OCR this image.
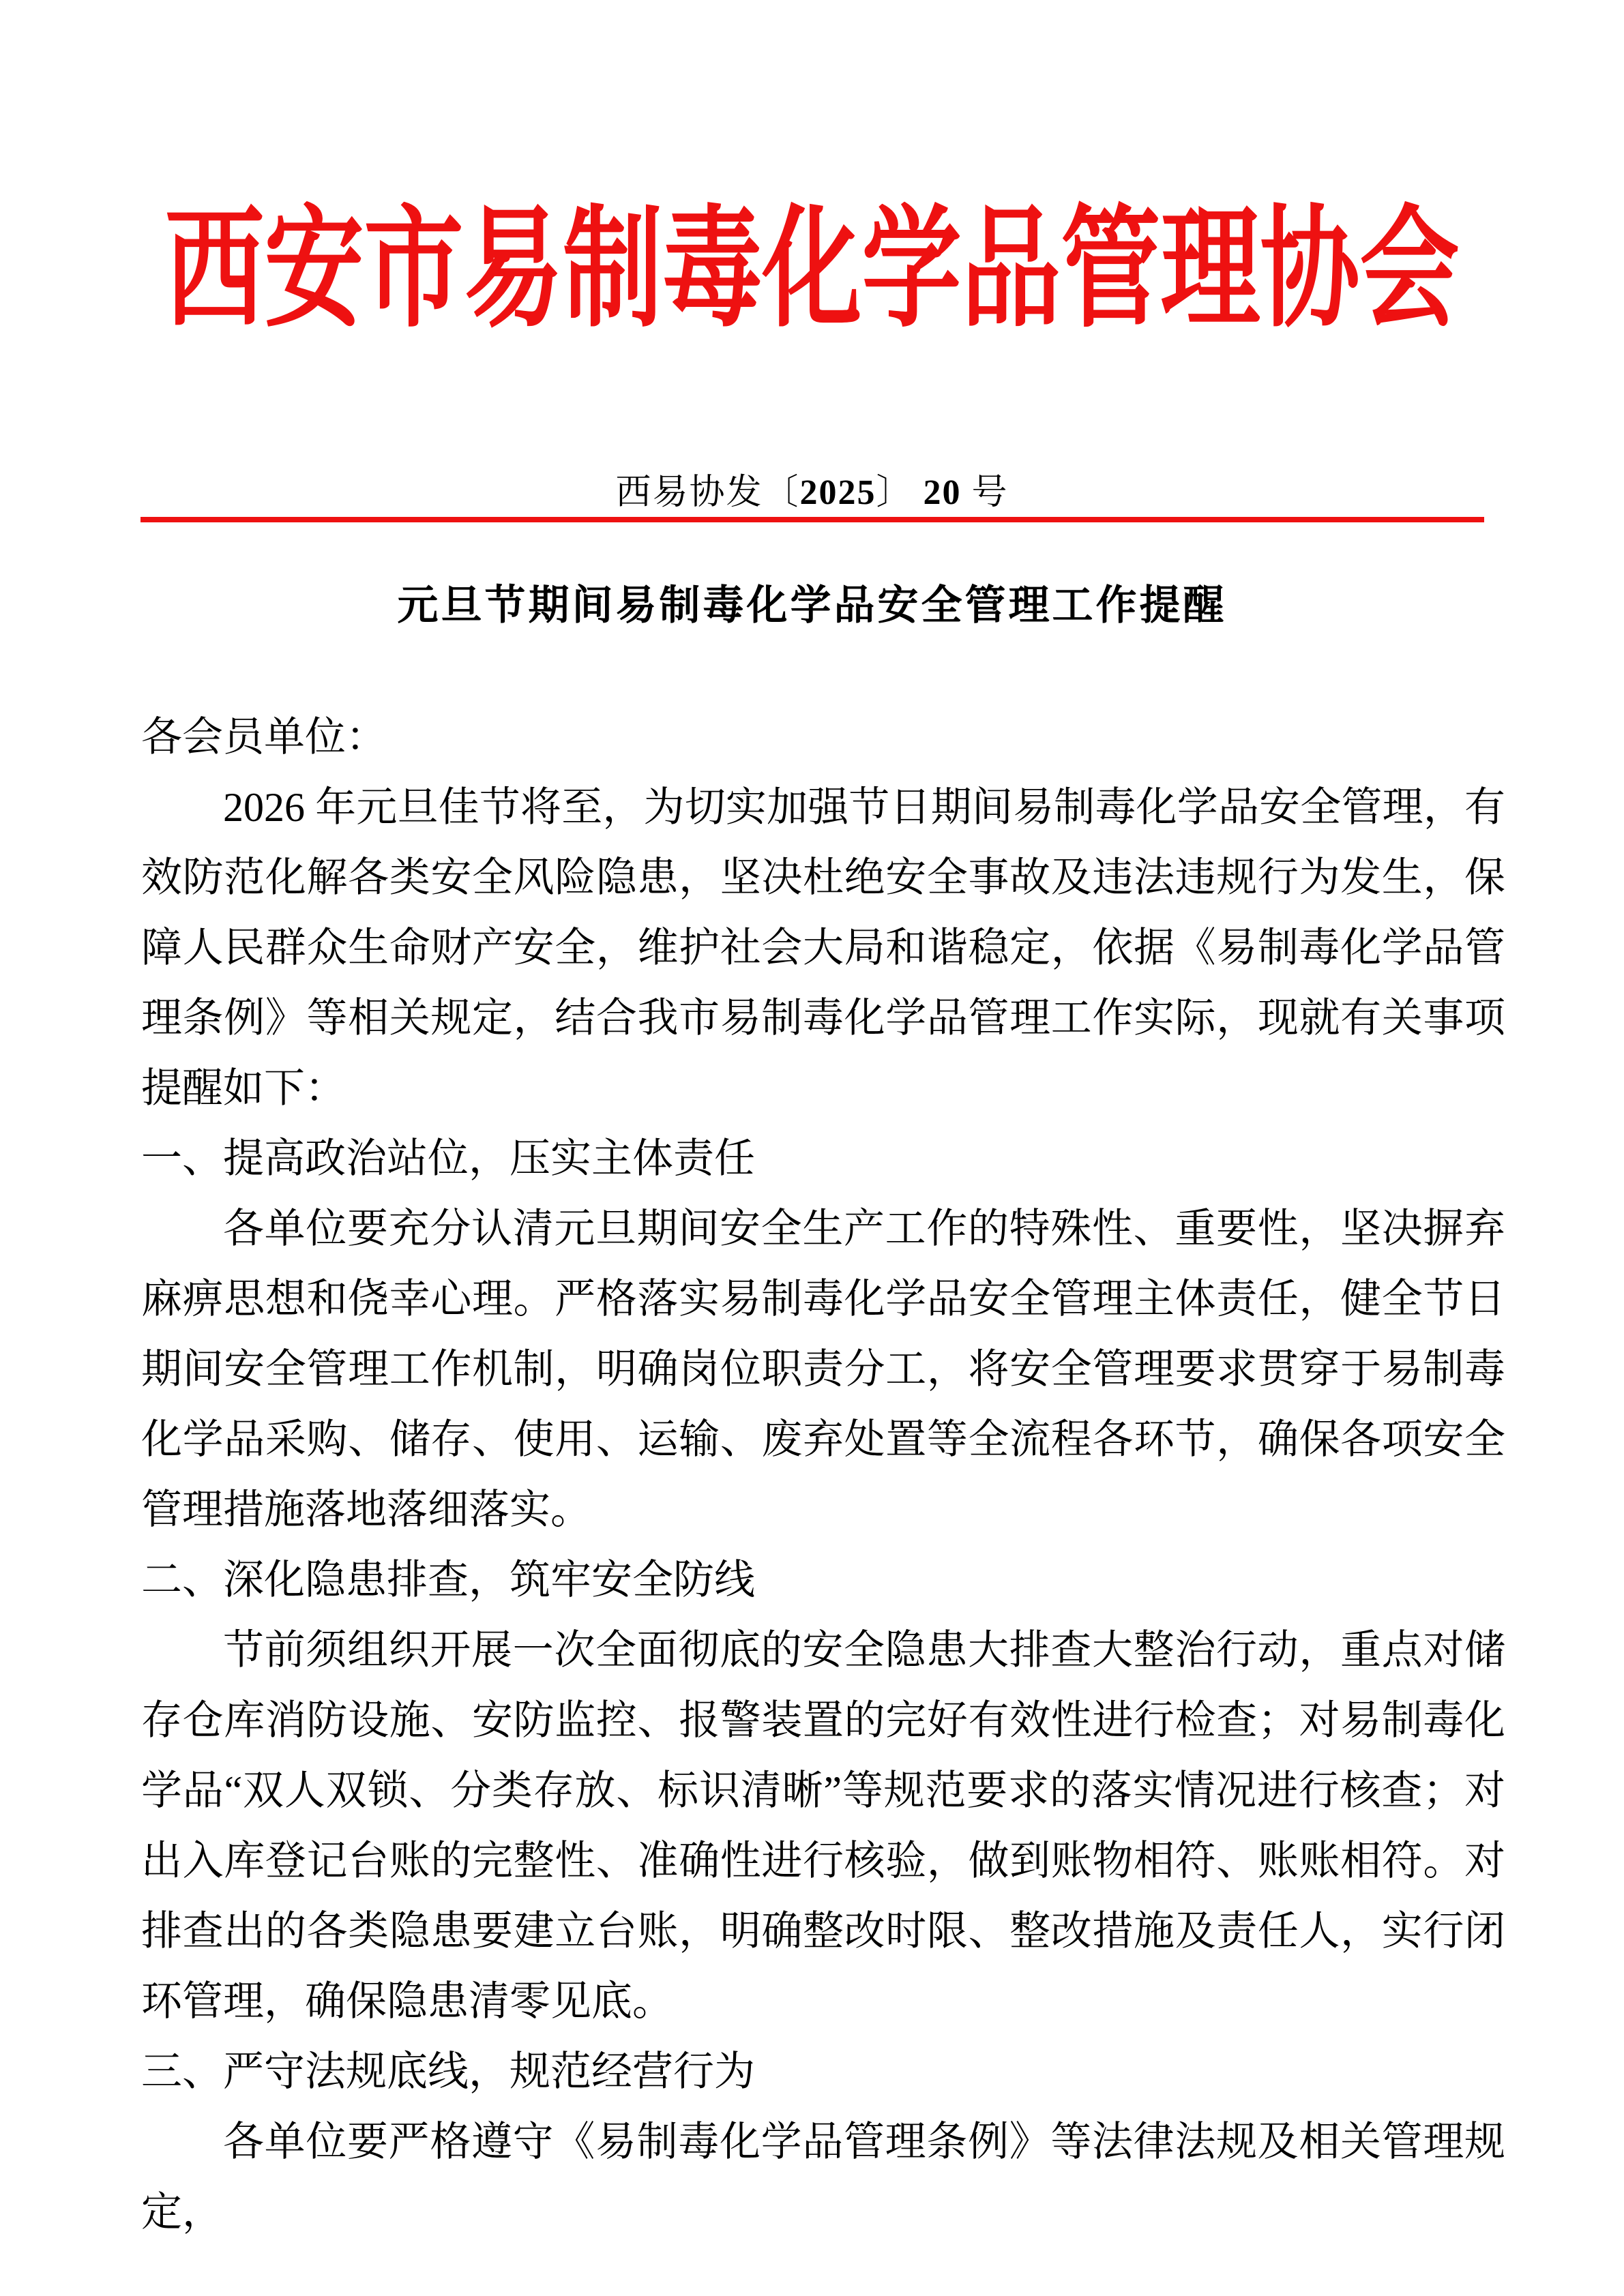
西安市易制毒化学品管理协会
西易协发〔2025〕 20 号
元旦节期间易制毒化学品安全管理工作提醒

各会员单位：

2026 年元旦佳节将至，为切实加强节日期间易制毒化学品安全管理，有效防范化解各类安全风险隐患，坚决杜绝安全事故及违法违规行为发生，保障人民群众生命财产安全，维护社会大局和谐稳定，依据《易制毒化学品管理条例》等相关规定，结合我市易制毒化学品管理工作实际，现就有关事项提醒如下：

一、提高政治站位，压实主体责任

各单位要充分认清元旦期间安全生产工作的特殊性、重要性，坚决摒弃麻痹思想和侥幸心理。严格落实易制毒化学品安全管理主体责任，健全节日期间安全管理工作机制，明确岗位职责分工，将安全管理要求贯穿于易制毒化学品采购、储存、使用、运输、废弃处置等全流程各环节，确保各项安全管理措施落地落细落实。

二、深化隐患排查，筑牢安全防线

节前须组织开展一次全面彻底的安全隐患大排查大整治行动，重点对储存仓库消防设施、安防监控、报警装置的完好有效性进行检查；对易制毒化学品“双人双锁、分类存放、标识清晰”等规范要求的落实情况进行核查；对出入库登记台账的完整性、准确性进行核验，做到账物相符、账账相符。对排查出的各类隐患要建立台账，明确整改时限、整改措施及责任人，实行闭环管理，确保隐患清零见底。

三、严守法规底线，规范经营行为

各单位要严格遵守《易制毒化学品管理条例》等法律法规及相关管理规定，
